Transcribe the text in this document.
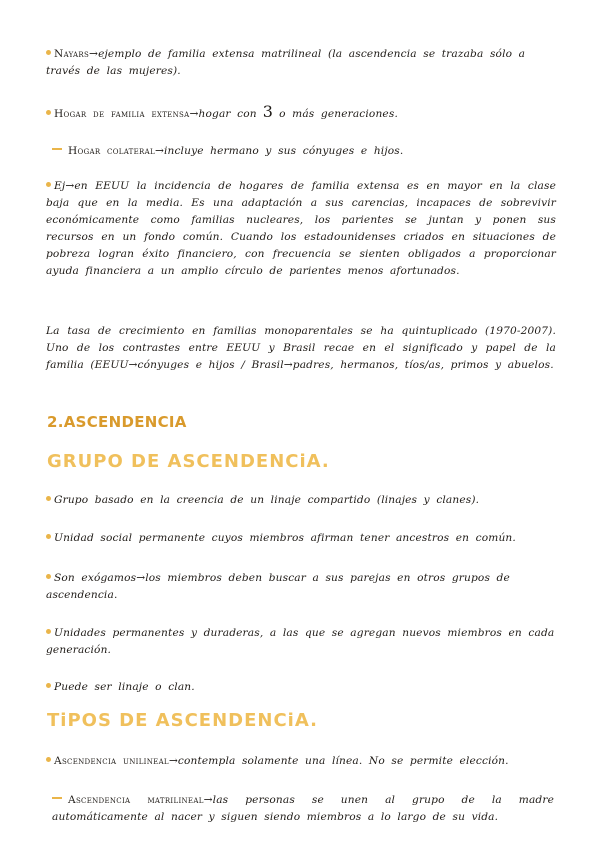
Nayars→ejemplo de familia extensa matrilineal (la ascendencia se trazaba sólo a través de las mujeres).
Hogar de familia extensa→hogar con 3 o más generaciones.
Hogar colateral→incluye hermano y sus cónyuges e hijos.
Ej→en EEUU la incidencia de hogares de familia extensa es en mayor en la clase baja que en la media. Es una adaptación a sus carencias, incapaces de sobrevivir económicamente como familias nucleares, los parientes se juntan y ponen sus recursos en un fondo común. Cuando los estadounidenses criados en situaciones de pobreza logran éxito financiero, con frecuencia se sienten obligados a proporcionar ayuda financiera a un amplio círculo de parientes menos afortunados.
La tasa de crecimiento en familias monoparentales se ha quintuplicado (1970-2007). Uno de los contrastes entre EEUU y Brasil recae en el significado y papel de la familia (EEUU→cónyuges e hijos / Brasil→padres, hermanos, tíos/as, primos y abuelos.
2.ASCENDENCIA
GRUPO DE ASCENDENCiA.
Grupo basado en la creencia de un linaje compartido (linajes y clanes).
Unidad social permanente cuyos miembros afirman tener ancestros en común.
Son exógamos→los miembros deben buscar a sus parejas en otros grupos de ascendencia.
Unidades permanentes y duraderas, a las que se agregan nuevos miembros en cada generación.
Puede ser linaje o clan.
TiPOS DE ASCENDENCiA.
Ascendencia unilineal→contempla solamente una línea. No se permite elección.
Ascendencia matrilineal→las personas se unen al grupo de la madre automáticamente al nacer y siguen siendo miembros a lo largo de su vida.
